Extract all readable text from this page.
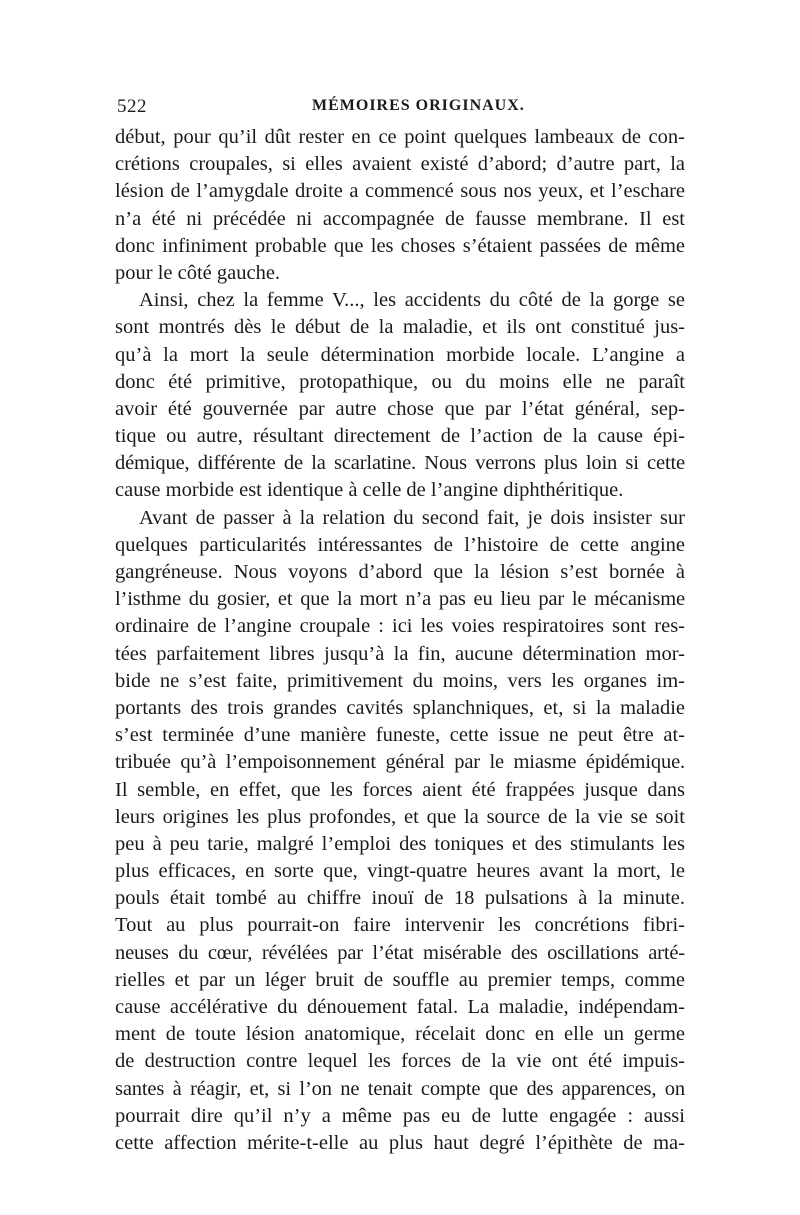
522	MÉMOIRES ORIGINAUX.
début, pour qu’il dût rester en ce point quelques lambeaux de con-
crétions croupales, si elles avaient existé d’abord; d’autre part, la
lésion de l’amygdale droite a commencé sous nos yeux, et l’eschare
n’a été ni précédée ni accompagnée de fausse membrane. Il est
donc infiniment probable que les choses s’étaient passées de même
pour le côté gauche.
Ainsi, chez la femme V..., les accidents du côté de la gorge se
sont montrés dès le début de la maladie, et ils ont constitué jus-
qu’à la mort la seule détermination morbide locale. L’angine a
donc été primitive, protopathique, ou du moins elle ne paraît
avoir été gouvernée par autre chose que par l’état général, sep-
tique ou autre, résultant directement de l’action de la cause épi-
démique, différente de la scarlatine. Nous verrons plus loin si cette
cause morbide est identique à celle de l’angine diphthéritique.
Avant de passer à la relation du second fait, je dois insister sur
quelques particularités intéressantes de l’histoire de cette angine
gangréneuse. Nous voyons d’abord que la lésion s’est bornée à
l’isthme du gosier, et que la mort n’a pas eu lieu par le mécanisme
ordinaire de l’angine croupale : ici les voies respiratoires sont res-
tées parfaitement libres jusqu’à la fin, aucune détermination mor-
bide ne s’est faite, primitivement du moins, vers les organes im-
portants des trois grandes cavités splanchniques, et, si la maladie
s’est terminée d’une manière funeste, cette issue ne peut être at-
tribuée qu’à l’empoisonnement général par le miasme épidémique.
Il semble, en effet, que les forces aient été frappées jusque dans
leurs origines les plus profondes, et que la source de la vie se soit
peu à peu tarie, malgré l’emploi des toniques et des stimulants les
plus efficaces, en sorte que, vingt-quatre heures avant la mort, le
pouls était tombé au chiffre inouï de 18 pulsations à la minute.
Tout au plus pourrait-on faire intervenir les concrétions fibri-
neuses du cœur, révélées par l’état misérable des oscillations arté-
rielles et par un léger bruit de souffle au premier temps, comme
cause accélérative du dénouement fatal. La maladie, indépendam-
ment de toute lésion anatomique, récelait donc en elle un germe
de destruction contre lequel les forces de la vie ont été impuis-
santes à réagir, et, si l’on ne tenait compte que des apparences, on
pourrait dire qu’il n’y a même pas eu de lutte engagée : aussi
cette affection mérite-t-elle au plus haut degré l’épithète de ma-
